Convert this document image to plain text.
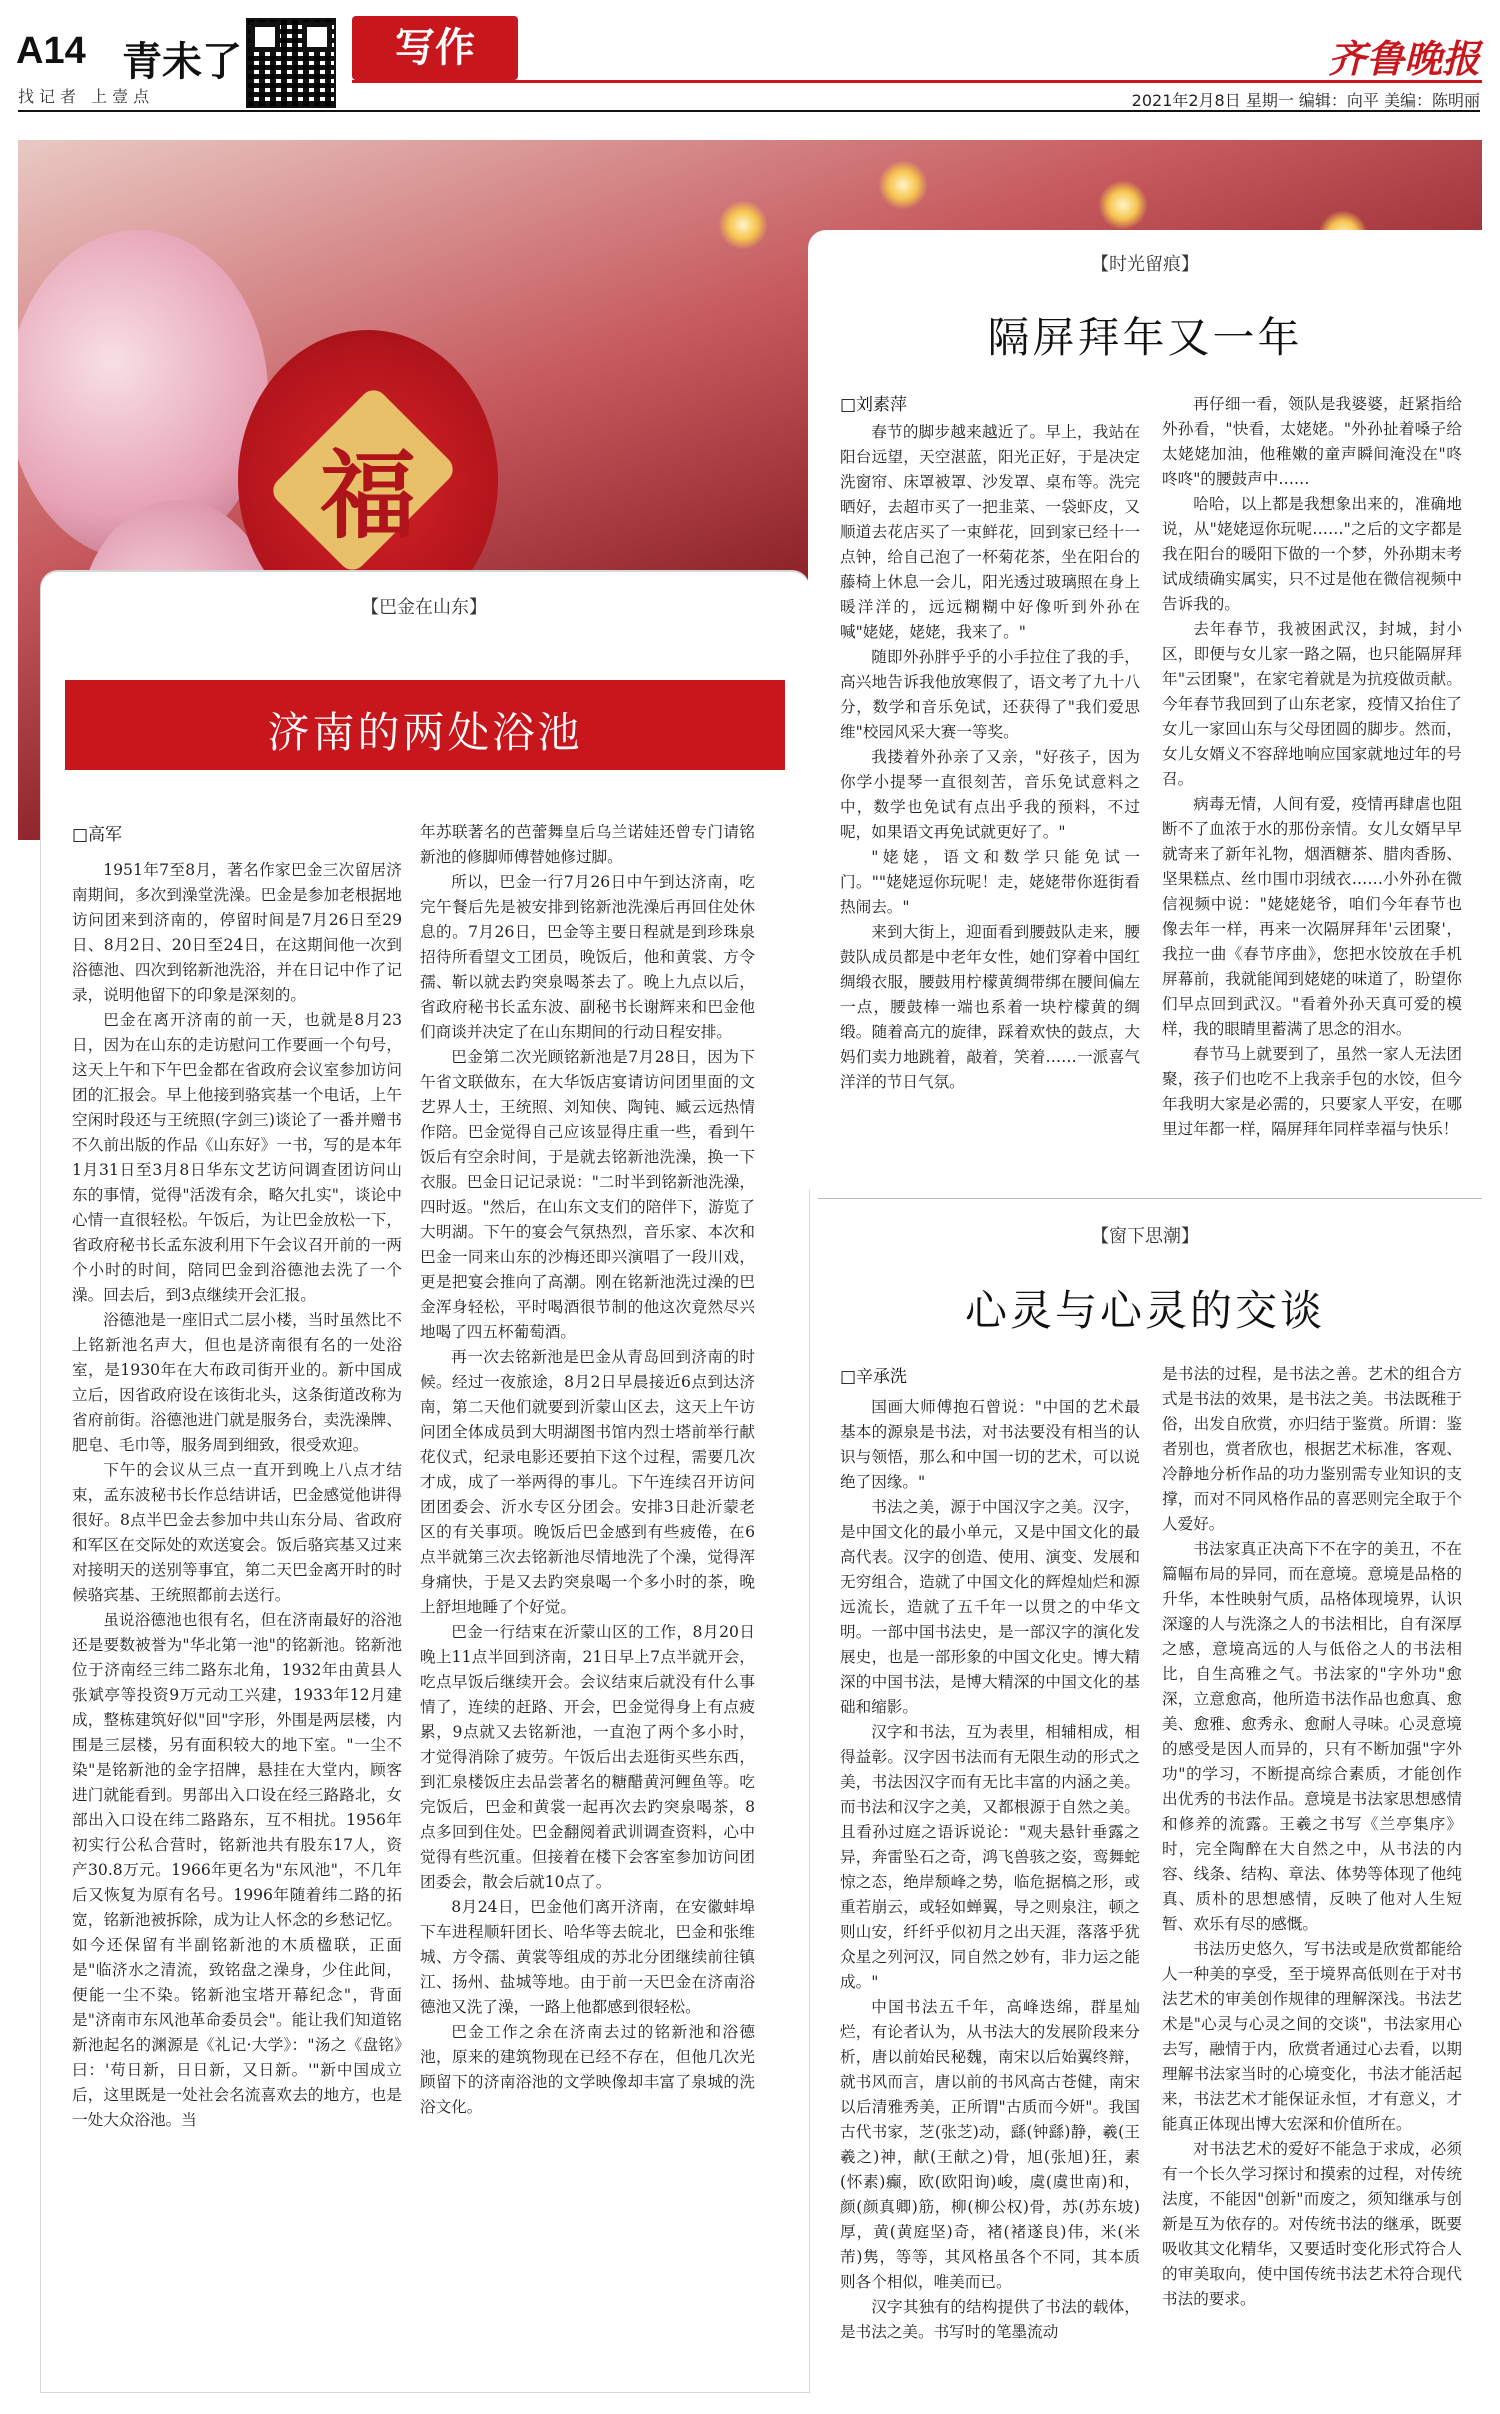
A14 青未了
找记者 上壹点
写作	齐鲁晚报
2021年2月8日 星期一 编辑：向平 美编：陈明丽
福
【巴金在山东】
济南的两处浴池
□高军

1951年7至8月，著名作家巴金三次留居济南期间，多次到澡堂洗澡。巴金是参加老根据地访问团来到济南的，停留时间是7月26日至29日、8月2日、20日至24日，在这期间他一次到浴德池、四次到铭新池洗浴，并在日记中作了记录，说明他留下的印象是深刻的。

巴金在离开济南的前一天，也就是8月23日，因为在山东的走访慰问工作要画一个句号，这天上午和下午巴金都在省政府会议室参加访问团的汇报会。早上他接到骆宾基一个电话，上午空闲时段还与王统照(字剑三)谈论了一番并赠书不久前出版的作品《山东好》一书，写的是本年1月31日至3月8日华东文艺访问调查团访问山东的事情，觉得"活泼有余，略欠扎实"，谈论中心情一直很轻松。午饭后，为让巴金放松一下，省政府秘书长孟东波利用下午会议召开前的一两个小时的时间，陪同巴金到浴德池去洗了一个澡。回去后，到3点继续开会汇报。

浴德池是一座旧式二层小楼，当时虽然比不上铭新池名声大，但也是济南很有名的一处浴室，是1930年在大布政司街开业的。新中国成立后，因省政府设在该街北头，这条街道改称为省府前街。浴德池进门就是服务台，卖洗澡牌、肥皂、毛巾等，服务周到细致，很受欢迎。

下午的会议从三点一直开到晚上八点才结束，孟东波秘书长作总结讲话，巴金感觉他讲得很好。8点半巴金去参加中共山东分局、省政府和军区在交际处的欢送宴会。饭后骆宾基又过来对接明天的送别等事宜，第二天巴金离开时的时候骆宾基、王统照都前去送行。

虽说浴德池也很有名，但在济南最好的浴池还是要数被誉为"华北第一池"的铭新池。铭新池位于济南经三纬二路东北角，1932年由黄县人张斌亭等投资9万元动工兴建，1933年12月建成，整栋建筑好似"回"字形，外围是两层楼，内围是三层楼，另有面积较大的地下室。"一尘不染"是铭新池的金字招牌，悬挂在大堂内，顾客进门就能看到。男部出入口设在经三路路北，女部出入口设在纬二路路东，互不相扰。1956年初实行公私合营时，铭新池共有股东17人，资产30.8万元。1966年更名为"东风池"，不几年后又恢复为原有名号。1996年随着纬二路的拓宽，铭新池被拆除，成为让人怀念的乡愁记忆。如今还保留有半副铭新池的木质楹联，正面是"临济水之清流，致铭盘之澡身，少住此间，便能一尘不染。铭新池宝塔开幕纪念"，背面是"济南市东风池革命委员会"。能让我们知道铭新池起名的渊源是《礼记·大学》："汤之《盘铭》曰：'苟日新，日日新，又日新。'"新中国成立后，这里既是一处社会名流喜欢去的地方，也是一处大众浴池。当

年苏联著名的芭蕾舞皇后乌兰诺娃还曾专门请铭新池的修脚师傅替她修过脚。

所以，巴金一行7月26日中午到达济南，吃完午餐后先是被安排到铭新池洗澡后再回住处休息的。7月26日，巴金等主要日程就是到珍珠泉招待所看望文工团员，晚饭后，他和黄裳、方令孺、靳以就去趵突泉喝茶去了。晚上九点以后，省政府秘书长孟东波、副秘书长谢辉来和巴金他们商谈并决定了在山东期间的行动日程安排。

巴金第二次光顾铭新池是7月28日，因为下午省文联做东，在大华饭店宴请访问团里面的文艺界人士，王统照、刘知侠、陶钝、臧云远热情作陪。巴金觉得自己应该显得庄重一些，看到午饭后有空余时间，于是就去铭新池洗澡，换一下衣服。巴金日记记录说："二时半到铭新池洗澡，四时返。"然后，在山东文支们的陪伴下，游览了大明湖。下午的宴会气氛热烈，音乐家、本次和巴金一同来山东的沙梅还即兴演唱了一段川戏，更是把宴会推向了高潮。刚在铭新池洗过澡的巴金浑身轻松，平时喝酒很节制的他这次竟然尽兴地喝了四五杯葡萄酒。

再一次去铭新池是巴金从青岛回到济南的时候。经过一夜旅途，8月2日早晨接近6点到达济南，第二天他们就要到沂蒙山区去，这天上午访问团全体成员到大明湖图书馆内烈士塔前举行献花仪式，纪录电影还要拍下这个过程，需要几次才成，成了一举两得的事儿。下午连续召开访问团团委会、沂水专区分团会。安排3日赴沂蒙老区的有关事项。晚饭后巴金感到有些疲倦，在6点半就第三次去铭新池尽情地洗了个澡，觉得浑身痛快，于是又去趵突泉喝一个多小时的茶，晚上舒坦地睡了个好觉。

巴金一行结束在沂蒙山区的工作，8月20日晚上11点半回到济南，21日早上7点半就开会，吃点早饭后继续开会。会议结束后就没有什么事情了，连续的赶路、开会，巴金觉得身上有点疲累，9点就又去铭新池，一直泡了两个多小时，才觉得消除了疲劳。午饭后出去逛街买些东西，到汇泉楼饭庄去品尝著名的糖醋黄河鲤鱼等。吃完饭后，巴金和黄裳一起再次去趵突泉喝茶，8点多回到住处。巴金翻阅着武训调查资料，心中觉得有些沉重。但接着在楼下会客室参加访问团团委会，散会后就10点了。

8月24日，巴金他们离开济南，在安徽蚌埠下车进程顺轩团长、哈华等去皖北，巴金和张维城、方令孺、黄裳等组成的苏北分团继续前往镇江、扬州、盐城等地。由于前一天巴金在济南浴德池又洗了澡，一路上他都感到很轻松。

巴金工作之余在济南去过的铭新池和浴德池，原来的建筑物现在已经不存在，但他几次光顾留下的济南浴池的文学映像却丰富了泉城的洗浴文化。

【时光留痕】
隔屏拜年又一年
□刘素萍

春节的脚步越来越近了。早上，我站在阳台远望，天空湛蓝，阳光正好，于是决定洗窗帘、床罩被罩、沙发罩、桌布等。洗完晒好，去超市买了一把韭菜、一袋虾皮，又顺道去花店买了一束鲜花，回到家已经十一点钟，给自己泡了一杯菊花茶，坐在阳台的藤椅上休息一会儿，阳光透过玻璃照在身上暖洋洋的，远远糊糊中好像听到外孙在喊"姥姥，姥姥，我来了。"

随即外孙胖乎乎的小手拉住了我的手，高兴地告诉我他放寒假了，语文考了九十八分，数学和音乐免试，还获得了"我们爱思维"校园风采大赛一等奖。

我搂着外孙亲了又亲，"好孩子，因为你学小提琴一直很刻苦，音乐免试意料之中，数学也免试有点出乎我的预料，不过呢，如果语文再免试就更好了。"

"姥姥，语文和数学只能免试一门。""姥姥逗你玩呢！走，姥姥带你逛街看热闹去。"

来到大街上，迎面看到腰鼓队走来，腰鼓队成员都是中老年女性，她们穿着中国红绸缎衣服，腰鼓用柠檬黄绸带绑在腰间偏左一点，腰鼓棒一端也系着一块柠檬黄的绸缎。随着高亢的旋律，踩着欢快的鼓点，大妈们卖力地跳着，敲着，笑着……一派喜气洋洋的节日气氛。

再仔细一看，领队是我婆婆，赶紧指给外孙看，"快看，太姥姥。"外孙扯着嗓子给太姥姥加油，他稚嫩的童声瞬间淹没在"咚咚咚"的腰鼓声中……

哈哈，以上都是我想象出来的，准确地说，从"姥姥逗你玩呢……"之后的文字都是我在阳台的暖阳下做的一个梦，外孙期末考试成绩确实属实，只不过是他在微信视频中告诉我的。

去年春节，我被困武汉，封城，封小区，即便与女儿家一路之隔，也只能隔屏拜年"云团聚"，在家宅着就是为抗疫做贡献。今年春节我回到了山东老家，疫情又抬住了女儿一家回山东与父母团圆的脚步。然而，女儿女婿义不容辞地响应国家就地过年的号召。

病毒无情，人间有爱，疫情再肆虐也阻断不了血浓于水的那份亲情。女儿女婿早早就寄来了新年礼物，烟酒糖茶、腊肉香肠、坚果糕点、丝巾围巾羽绒衣……小外孙在微信视频中说："姥姥姥爷，咱们今年春节也像去年一样，再来一次隔屏拜年'云团聚'，我拉一曲《春节序曲》，您把水饺放在手机屏幕前，我就能闻到姥姥的味道了，盼望你们早点回到武汉。"看着外孙天真可爱的模样，我的眼睛里蓄满了思念的泪水。

春节马上就要到了，虽然一家人无法团聚，孩子们也吃不上我亲手包的水饺，但今年我明大家是必需的，只要家人平安，在哪里过年都一样，隔屏拜年同样幸福与快乐！

【窗下思潮】
心灵与心灵的交谈
□辛承洗

国画大师傅抱石曾说："中国的艺术最基本的源泉是书法，对书法要没有相当的认识与领悟，那么和中国一切的艺术，可以说绝了因缘。"

书法之美，源于中国汉字之美。汉字，是中国文化的最小单元，又是中国文化的最高代表。汉字的创造、使用、演变、发展和无穷组合，造就了中国文化的辉煌灿烂和源远流长，造就了五千年一以贯之的中华文明。一部中国书法史，是一部汉字的演化发展史，也是一部形象的中国文化史。博大精深的中国书法，是博大精深的中国文化的基础和缩影。

汉字和书法，互为表里，相辅相成，相得益彰。汉字因书法而有无限生动的形式之美，书法因汉字而有无比丰富的内涵之美。而书法和汉字之美，又都根源于自然之美。且看孙过庭之语诉说论："观夫悬针垂露之异，奔雷坠石之奇，鸿飞兽骇之姿，鸾舞蛇惊之态，绝岸颓峰之势，临危据槁之形，或重若崩云，或轻如蝉翼，导之则泉注，顿之则山安，纤纤乎似初月之出天涯，落落乎犹众星之列河汉，同自然之妙有，非力运之能成。"

中国书法五千年，高峰迭绵，群星灿烂，有论者认为，从书法大的发展阶段来分析，唐以前始民秘魏，南宋以后始翼终辩，就书风而言，唐以前的书风高古苍健，南宋以后清雅秀美，正所谓"古质而今妍"。我国古代书家，芝(张芝)动，繇(钟繇)静，羲(王羲之)神，献(王献之)骨，旭(张旭)狂，素(怀素)癫，欧(欧阳询)峻，虞(虞世南)和，颜(颜真卿)筋，柳(柳公权)骨，苏(苏东坡)厚，黄(黄庭坚)奇，褚(褚遂良)伟，米(米芾)隽，等等，其风格虽各个不同，其本质则各个相似，唯美而已。

汉字其独有的结构提供了书法的载体，是书法之美。书写时的笔墨流动

是书法的过程，是书法之善。艺术的组合方式是书法的效果，是书法之美。书法既稚于俗，出发自欣赏，亦归结于鉴赏。所谓：鉴者别也，赏者欣也，根据艺术标准，客观、冷静地分析作品的功力鉴别需专业知识的支撑，而对不同风格作品的喜恶则完全取于个人爱好。

书法家真正决高下不在字的美丑，不在篇幅布局的异同，而在意境。意境是品格的升华，本性映射气质，品格体现境界，认识深邃的人与洗涤之人的书法相比，自有深厚之感，意境高远的人与低俗之人的书法相比，自生高雅之气。书法家的"字外功"愈深，立意愈高，他所造书法作品也愈真、愈美、愈雅、愈秀永、愈耐人寻味。心灵意境的感受是因人而异的，只有不断加强"字外功"的学习，不断提高综合素质，才能创作出优秀的书法作品。意境是书法家思想感情和修养的流露。王羲之书写《兰亭集序》时，完全陶醉在大自然之中，从书法的内容、线条、结构、章法、体势等体现了他纯真、质朴的思想感情，反映了他对人生短暂、欢乐有尽的感慨。

书法历史悠久，写书法或是欣赏都能给人一种美的享受，至于境界高低则在于对书法艺术的审美创作规律的理解深浅。书法艺术是"心灵与心灵之间的交谈"，书法家用心去写，融情于内，欣赏者通过心去看，以期理解书法家当时的心境变化，书法才能活起来，书法艺术才能保证永恒，才有意义，才能真正体现出博大宏深和价值所在。

对书法艺术的爱好不能急于求成，必须有一个长久学习探讨和摸索的过程，对传统法度，不能因"创新"而废之，须知继承与创新是互为依存的。对传统书法的继承，既要吸收其文化精华，又要适时变化形式符合人的审美取向，使中国传统书法艺术符合现代书法的要求。
